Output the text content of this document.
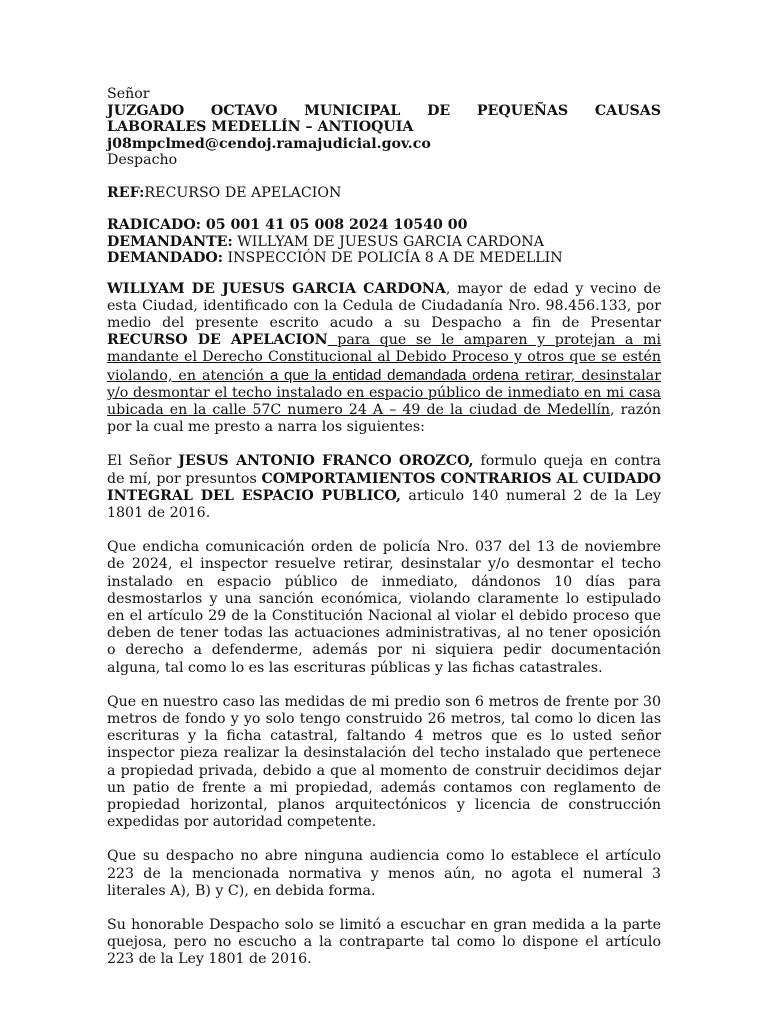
Señor
JUZGADO OCTAVO MUNICIPAL DE PEQUEÑAS CAUSAS
LABORALES MEDELLÍN – ANTIOQUIA
j08mpclmed@cendoj.ramajudicial.gov.co
Despacho
REF:RECURSO DE APELACION
RADICADO: 05 001 41 05 008 2024 10540 00
DEMANDANTE: WILLYAM DE JUESUS GARCIA CARDONA
DEMANDADO: INSPECCIÓN DE POLICÍA 8 A DE MEDELLIN

WILLYAM DE JUESUS GARCIA CARDONA, mayor de edad y vecino de esta Ciudad, identificado con la Cedula de Ciudadanía Nro. 98.456.133, por medio del presente escrito acudo a su Despacho a fin de Presentar RECURSO DE APELACION para que se le amparen y protejan a mi mandante el Derecho Constitucional al Debido Proceso y otros que se estén violando, en atención a que la entidad demandada ordena retirar, desinstalar y/o desmontar el techo instalado en espacio público de inmediato en mi casa ubicada en la calle 57C numero 24 A – 49 de la ciudad de Medellín, razón por la cual me presto a narra los siguientes:

El Señor JESUS ANTONIO FRANCO OROZCO, formulo queja en contra de mí, por presuntos COMPORTAMIENTOS CONTRARIOS AL CUIDADO INTEGRAL DEL ESPACIO PUBLICO, articulo 140 numeral 2 de la Ley 1801 de 2016.

Que endicha comunicación orden de policía Nro. 037 del 13 de noviembre de 2024, el inspector resuelve retirar, desinstalar y/o desmontar el techo instalado en espacio público de inmediato, dándonos 10 días para desmostarlos y una sanción económica, violando claramente lo estipulado en el artículo 29 de la Constitución Nacional al violar el debido proceso que deben de tener todas las actuaciones administrativas, al no tener oposición o derecho a defenderme, además por ni siquiera pedir documentación alguna, tal como lo es las escrituras públicas y las fichas catastrales.

Que en nuestro caso las medidas de mi predio son 6 metros de frente por 30 metros de fondo y yo solo tengo construido 26 metros, tal como lo dicen las escrituras y la ficha catastral, faltando 4 metros que es lo usted señor inspector pieza realizar la desinstalación del techo instalado que pertenece a propiedad privada, debido a que al momento de construir decidimos dejar un patio de frente a mi propiedad, además contamos con reglamento de propiedad horizontal, planos arquitectónicos y licencia de construcción expedidas por autoridad competente.

Que su despacho no abre ninguna audiencia como lo establece el artículo 223 de la mencionada normativa y menos aún, no agota el numeral 3 literales A), B) y C), en debida forma.

Su honorable Despacho solo se limitó a escuchar en gran medida a la parte quejosa, pero no escucho a la contraparte tal como lo dispone el artículo 223 de la Ley 1801 de 2016.
